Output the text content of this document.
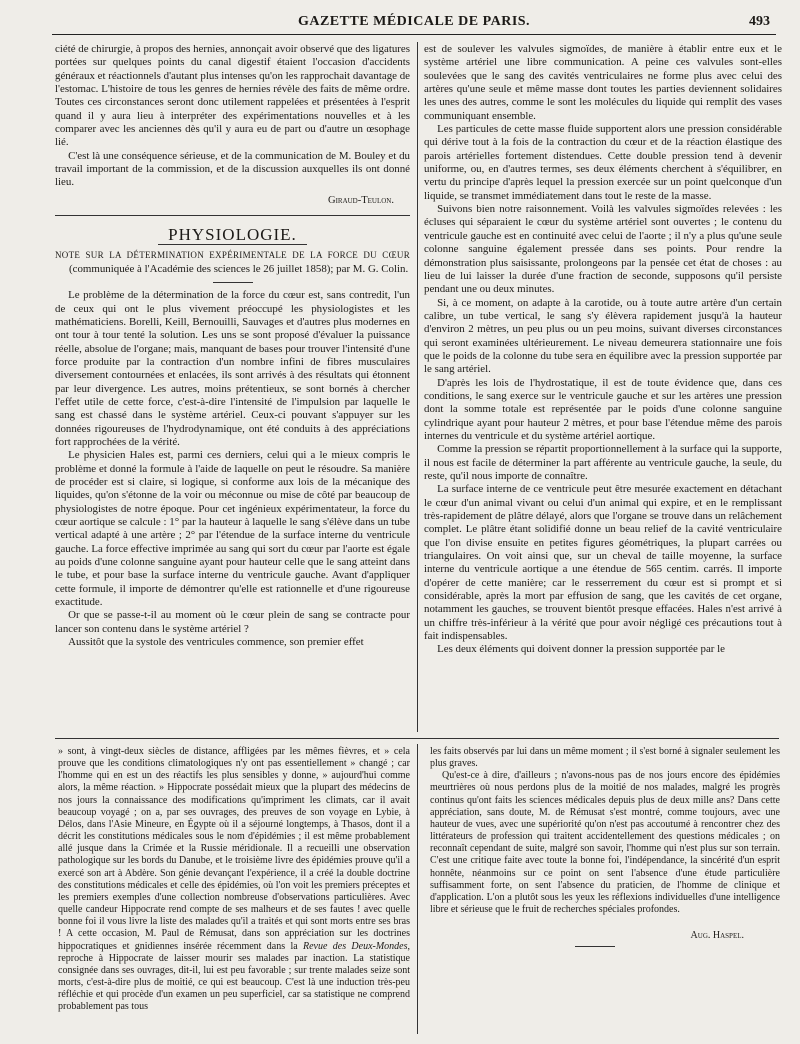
GAZETTE MÉDICALE DE PARIS.	493

ciété de chirurgie, à propos des hernies, annonçait avoir observé que des ligatures portées sur quelques points du canal digestif étaient l'occasion d'accidents généraux et réactionnels d'autant plus intenses qu'on les rapprochait davantage de l'estomac. L'histoire de tous les genres de hernies révèle des faits de même ordre. Toutes ces circonstances seront donc utilement rappelées et présentées à l'esprit quand il y aura lieu à interpréter des expérimentations nouvelles et à les comparer avec les anciennes dès qu'il y aura eu de part ou d'autre un œsophage lié.

C'est là une conséquence sérieuse, et de la communication de M. Bouley et du travail important de la commission, et de la discussion auxquelles ils ont donné lieu.

Giraud-Teulon.

PHYSIOLOGIE.

NOTE SUR LA DÉTERMINATION EXPÉRIMENTALE DE LA FORCE DU CŒUR (communiquée à l'Académie des sciences le 26 juillet 1858); par M. G. Colin.

Le problème de la détermination de la force du cœur est, sans contredit, l'un de ceux qui ont le plus vivement préoccupé les physiologistes et les mathématiciens. Borelli, Keill, Bernouilli, Sauvages et d'autres plus modernes en ont tour à tour tenté la solution. Les uns se sont proposé d'évaluer la puissance réelle, absolue de l'organe; mais, manquant de bases pour trouver l'intensité d'une force produite par la contraction d'un nombre infini de fibres musculaires diversement contournées et enlacées, ils sont arrivés à des résultats qui étonnent par leur divergence. Les autres, moins prétentieux, se sont bornés à chercher l'effet utile de cette force, c'est-à-dire l'intensité de l'impulsion par laquelle le sang est chassé dans le système artériel. Ceux-ci pouvant s'appuyer sur les données rigoureuses de l'hydrodynamique, ont été conduits à des appréciations fort rapprochées de la vérité.

Le physicien Hales est, parmi ces derniers, celui qui a le mieux compris le problème et donné la formule à l'aide de laquelle on peut le résoudre. Sa manière de procéder est si claire, si logique, si conforme aux lois de la mécanique des liquides, qu'on s'étonne de la voir ou méconnue ou mise de côté par beaucoup de physiologistes de notre époque. Pour cet ingénieux expérimentateur, la force du cœur aortique se calcule : 1° par la hauteur à laquelle le sang s'élève dans un tube vertical adapté à une artère ; 2° par l'étendue de la surface interne du ventricule gauche. La force effective imprimée au sang qui sort du cœur par l'aorte est égale au poids d'une colonne sanguine ayant pour hauteur celle que le sang atteint dans le tube, et pour base la surface interne du ventricule gauche. Avant d'appliquer cette formule, il importe de démontrer qu'elle est rationnelle et d'une rigoureuse exactitude.

Or que se passe-t-il au moment où le cœur plein de sang se contracte pour lancer son contenu dans le système artériel ?

Aussitôt que la systole des ventricules commence, son premier effet

est de soulever les valvules sigmoïdes, de manière à établir entre eux et le système artériel une libre communication. A peine ces valvules sont-elles soulevées que le sang des cavités ventriculaires ne forme plus avec celui des artères qu'une seule et même masse dont toutes les parties deviennent solidaires les unes des autres, comme le sont les molécules du liquide qui remplit des vases communiquant ensemble.

Les particules de cette masse fluide supportent alors une pression considérable qui dérive tout à la fois de la contraction du cœur et de la réaction élastique des parois artérielles fortement distendues. Cette double pression tend à devenir uniforme, ou, en d'autres termes, ses deux éléments cherchent à s'équilibrer, en vertu du principe d'après lequel la pression exercée sur un point quelconque d'un liquide, se transmet immédiatement dans tout le reste de la masse.

Suivons bien notre raisonnement. Voilà les valvules sigmoïdes relevées : les écluses qui séparaient le cœur du système artériel sont ouvertes ; le contenu du ventricule gauche est en continuité avec celui de l'aorte ; il n'y a plus qu'une seule colonne sanguine également pressée dans ses points. Pour rendre la démonstration plus saisissante, prolongeons par la pensée cet état de choses : au lieu de lui laisser la durée d'une fraction de seconde, supposons qu'il persiste pendant une ou deux minutes.

Si, à ce moment, on adapte à la carotide, ou à toute autre artère d'un certain calibre, un tube vertical, le sang s'y élèvera rapidement jusqu'à la hauteur d'environ 2 mètres, un peu plus ou un peu moins, suivant diverses circonstances qui seront examinées ultérieurement. Le niveau demeurera stationnaire une fois que le poids de la colonne du tube sera en équilibre avec la pression supportée par le sang artériel.

D'après les lois de l'hydrostatique, il est de toute évidence que, dans ces conditions, le sang exerce sur le ventricule gauche et sur les artères une pression dont la somme totale est représentée par le poids d'une colonne sanguine cylindrique ayant pour hauteur 2 mètres, et pour base l'étendue même des parois internes du ventricule et du système artériel aortique.

Comme la pression se répartit proportionnellement à la surface qui la supporte, il nous est facile de déterminer la part afférente au ventricule gauche, la seule, du reste, qu'il nous importe de connaître.

La surface interne de ce ventricule peut être mesurée exactement en détachant le cœur d'un animal vivant ou celui d'un animal qui expire, et en le remplissant très-rapidement de plâtre délayé, alors que l'organe se trouve dans un relâchement complet. Le plâtre étant solidifié donne un beau relief de la cavité ventriculaire que l'on divise ensuite en petites figures géométriques, la plupart carrées ou triangulaires. On voit ainsi que, sur un cheval de taille moyenne, la surface interne du ventricule aortique a une étendue de 565 centim. carrés. Il importe d'opérer de cette manière; car le resserrement du cœur est si prompt et si considérable, après la mort par effusion de sang, que les cavités de cet organe, notamment les gauches, se trouvent bientôt presque effacées. Hales n'est arrivé à un chiffre très-inférieur à la vérité que pour avoir négligé ces précautions tout à fait indispensables.

Les deux éléments qui doivent donner la pression supportée par le

» sont, à vingt-deux siècles de distance, affligées par les mêmes fièvres, et » cela prouve que les conditions climatologiques n'y ont pas essentiellement » changé ; car l'homme qui en est un des réactifs les plus sensibles y donne, » aujourd'hui comme alors, la même réaction. » Hippocrate possédait mieux que la plupart des médecins de nos jours la connaissance des modifications qu'impriment les climats, car il avait beaucoup voyagé ; on a, par ses ouvrages, des preuves de son voyage en Lybie, à Délos, dans l'Asie Mineure, en Égypte où il a séjourné longtemps, à Thasos, dont il a décrit les constitutions médicales sous le nom d'épidémies ; il est même probablement allé jusque dans la Crimée et la Russie méridionale. Il a recueilli une observation pathologique sur les bords du Danube, et le troisième livre des épidémies prouve qu'il a exercé son art à Abdère. Son génie devançant l'expérience, il a créé la double doctrine des constitutions médicales et celle des épidémies, où l'on voit les premiers préceptes et les premiers exemples d'une collection nombreuse d'observations particulières. Avec quelle candeur Hippocrate rend compte de ses malheurs et de ses fautes ! avec quelle bonne foi il vous livre la liste des malades qu'il a traités et qui sont morts entre ses bras ! A cette occasion, M. Paul de Rémusat, dans son appréciation sur les doctrines hippocratiques et gnidiennes insérée récemment dans la Revue des Deux-Mondes, reproche à Hippocrate de laisser mourir ses malades par inaction. La statistique consignée dans ses ouvrages, dit-il, lui est peu favorable ; sur trente malades seize sont morts, c'est-à-dire plus de moitié, ce qui est beaucoup. C'est là une induction très-peu réfléchie et qui procède d'un examen un peu superficiel, car sa statistique ne comprend probablement pas tous

les faits observés par lui dans un même moment ; il s'est borné à signaler seulement les plus graves.

Qu'est-ce à dire, d'ailleurs ; n'avons-nous pas de nos jours encore des épidémies meurtrières où nous perdons plus de la moitié de nos malades, malgré les progrès continus qu'ont faits les sciences médicales depuis plus de deux mille ans? Dans cette appréciation, sans doute, M. de Rémusat s'est montré, comme toujours, avec une hauteur de vues, avec une supériorité qu'on n'est pas accoutumé à rencontrer chez des littérateurs de profession qui traitent accidentellement des questions médicales ; on reconnaît cependant de suite, malgré son savoir, l'homme qui n'est plus sur son terrain. C'est une critique faite avec toute la bonne foi, l'indépendance, la sincérité d'un esprit honnête, néanmoins sur ce point on sent l'absence d'une étude particulière suffisamment forte, on sent l'absence du praticien, de l'homme de clinique et d'application. L'on a plutôt sous les yeux les réflexions individuelles d'une intelligence libre et sérieuse que le fruit de recherches spéciales profondes.

Aug. Haspel.
